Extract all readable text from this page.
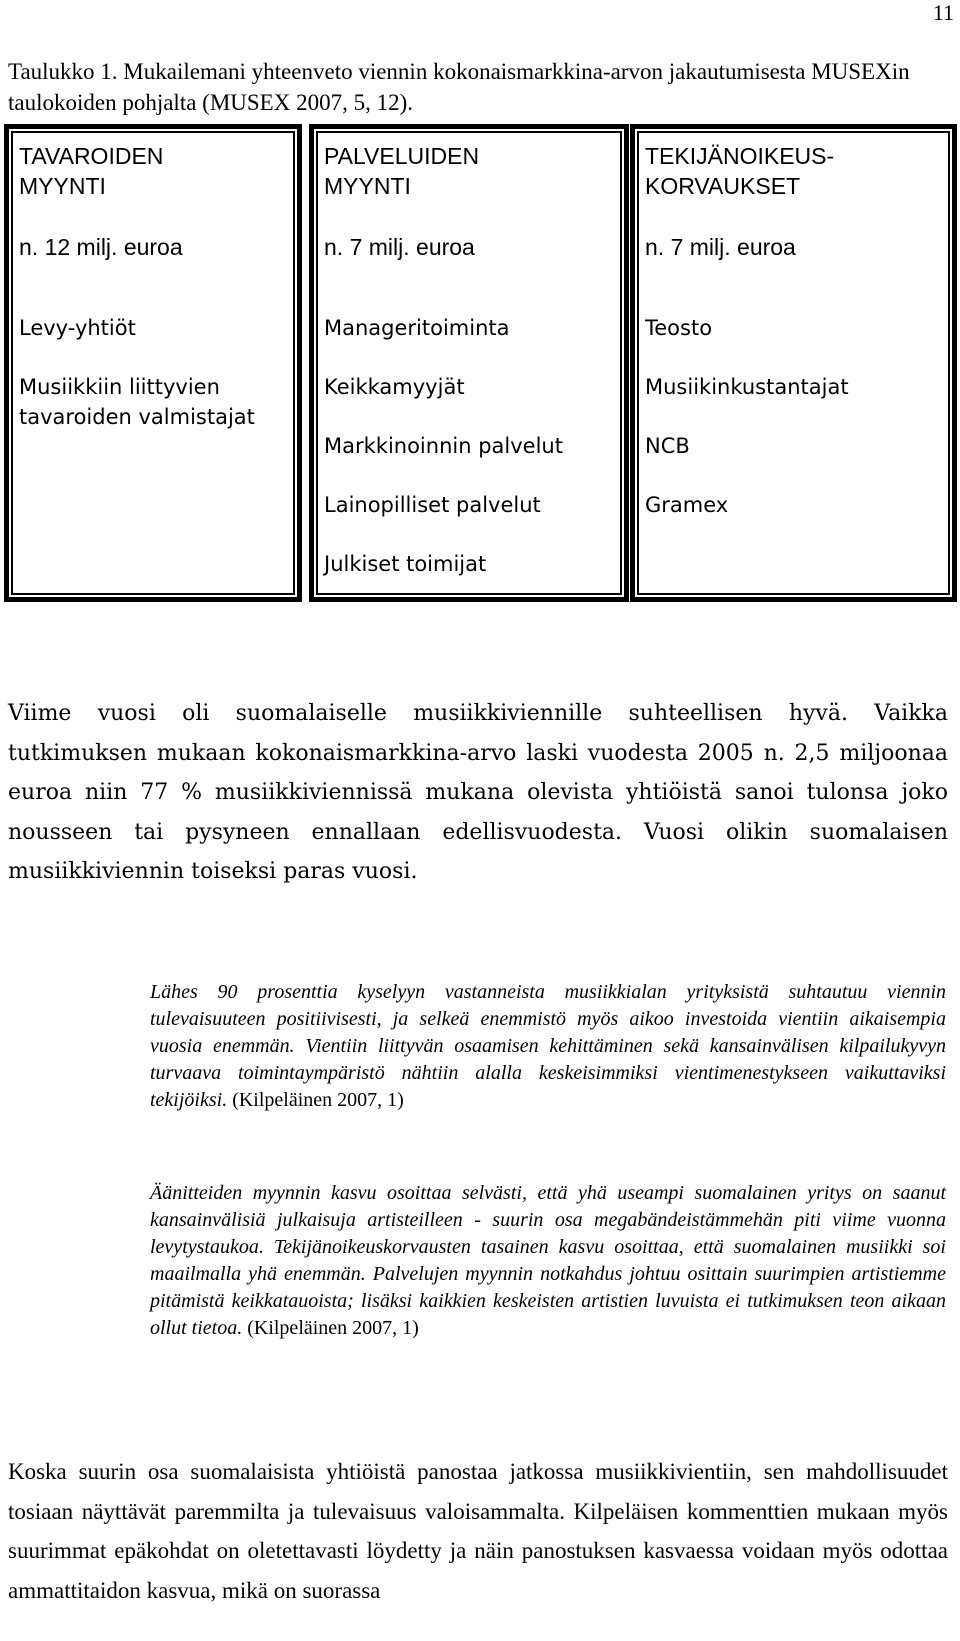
11
Taulukko 1. Mukailemani yhteenveto viennin kokonaismarkkina-arvon jakautumisesta MUSEXin taulokoiden pohjalta (MUSEX 2007, 5, 12).
TAVAROIDEN
MYYNTI
n. 12 milj. euroa
Levy-yhtiöt
Musiikkiin liittyvien
tavaroiden valmistajat
PALVELUIDEN
MYYNTI
n. 7 milj. euroa
Manageritoiminta
Keikkamyyjät
Markkinoinnin palvelut
Lainopilliset palvelut
Julkiset toimijat
TEKIJÄNOIKEUS-
KORVAUKSET
n. 7 milj. euroa
Teosto
Musiikinkustantajat
NCB
Gramex
Viime vuosi oli suomalaiselle musiikkiviennille suhteellisen hyvä. Vaikka tutkimuksen mukaan kokonaismarkkina-arvo laski vuodesta 2005 n. 2,5 miljoonaa euroa niin 77 % musiikkiviennissä mukana olevista yhtiöistä sanoi tulonsa joko nousseen tai pysyneen ennallaan edellisvuodesta. Vuosi olikin suomalaisen musiikkiviennin toiseksi paras vuosi.
Lähes 90 prosenttia kyselyyn vastanneista musiikkialan yrityksistä suhtautuu viennin tulevaisuuteen positiivisesti, ja selkeä enemmistö myös aikoo investoida vientiin aikaisempia vuosia enemmän. Vientiin liittyvän osaamisen kehittäminen sekä kansainvälisen kilpailukyvyn turvaava toimintaympäristö nähtiin alalla keskeisimmiksi vientimenestykseen vaikuttaviksi tekijöiksi. (Kilpeläinen 2007, 1)
Äänitteiden myynnin kasvu osoittaa selvästi, että yhä useampi suomalainen yritys on saanut kansainvälisiä julkaisuja artisteilleen - suurin osa megabändeistämmehän piti viime vuonna levytystaukoa. Tekijänoikeuskorvausten tasainen kasvu osoittaa, että suomalainen musiikki soi maailmalla yhä enemmän. Palvelujen myynnin notkahdus johtuu osittain suurimpien artistiemme pitämistä keikkatauoista; lisäksi kaikkien keskeisten artistien luvuista ei tutkimuksen teon aikaan ollut tietoa. (Kilpeläinen 2007, 1)
Koska suurin osa suomalaisista yhtiöistä panostaa jatkossa musiikkivientiin, sen mahdollisuudet tosiaan näyttävät paremmilta ja tulevaisuus valoisammalta. Kilpeläisen kommenttien mukaan myös suurimmat epäkohdat on oletettavasti löydetty ja näin panostuksen kasvaessa voidaan myös odottaa ammattitaidon kasvua, mikä on suorassa
